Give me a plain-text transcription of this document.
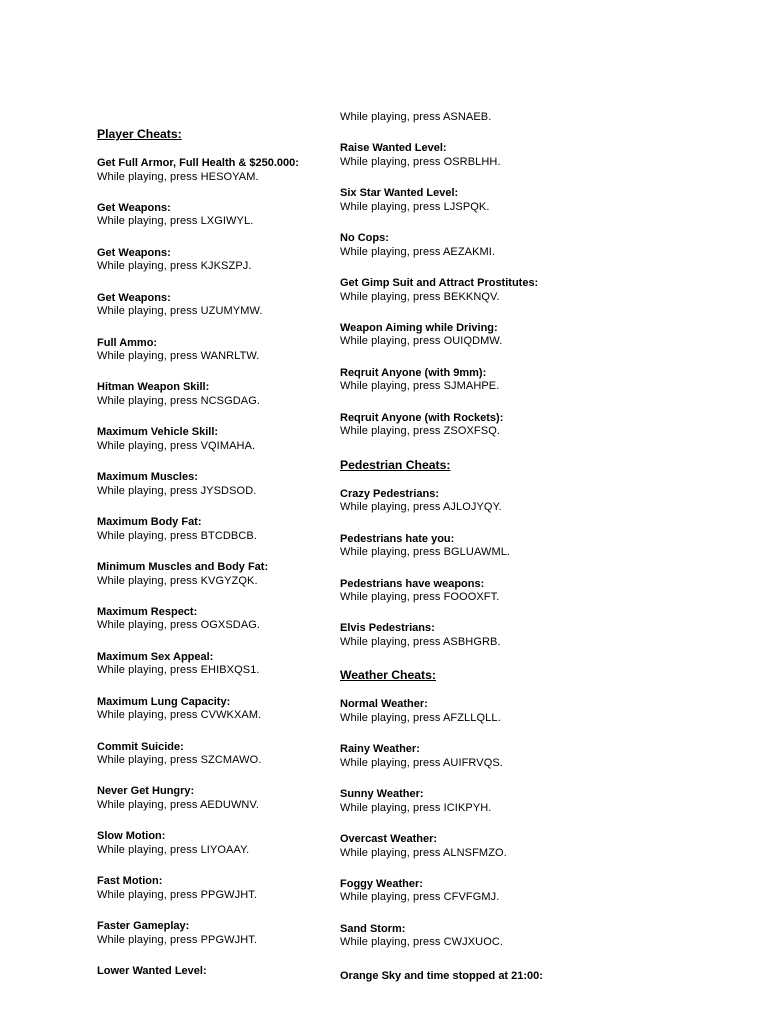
Player Cheats:

Get Full Armor, Full Health & $250.000:
While playing, press HESOYAM.
Get Weapons:
While playing, press LXGIWYL.
Get Weapons:
While playing, press KJKSZPJ.
Get Weapons:
While playing, press UZUMYMW.
Full Ammo:
While playing, press WANRLTW.
Hitman Weapon Skill:
While playing, press NCSGDAG.
Maximum Vehicle Skill:
While playing, press VQIMAHA.
Maximum Muscles:
While playing, press JYSDSOD.
Maximum Body Fat:
While playing, press BTCDBCB.
Minimum Muscles and Body Fat:
While playing, press KVGYZQK.
Maximum Respect:
While playing, press OGXSDAG.
Maximum Sex Appeal:
While playing, press EHIBXQS1.
Maximum Lung Capacity:
While playing, press CVWKXAM.
Commit Suicide:
While playing, press SZCMAWO.
Never Get Hungry:
While playing, press AEDUWNV.
Slow Motion:
While playing, press LIYOAAY.
Fast Motion:
While playing, press PPGWJHT.
Faster Gameplay:
While playing, press PPGWJHT.
Lower Wanted Level:
While playing, press ASNAEB.
Raise Wanted Level:
While playing, press OSRBLHH.
Six Star Wanted Level:
While playing, press LJSPQK.
No Cops:
While playing, press AEZAKMI.
Get Gimp Suit and Attract Prostitutes:
While playing, press BEKKNQV.
Weapon Aiming while Driving:
While playing, press OUIQDMW.
Reqruit Anyone (with 9mm):
While playing, press SJMAHPE.
Reqruit Anyone (with Rockets):
While playing, press ZSOXFSQ.

Pedestrian Cheats:

Crazy Pedestrians:
While playing, press AJLOJYQY.
Pedestrians hate you:
While playing, press BGLUAWML.
Pedestrians have weapons:
While playing, press FOOOXFT.
Elvis Pedestrians:
While playing, press ASBHGRB.

Weather Cheats:

Normal Weather:
While playing, press AFZLLQLL.
Rainy Weather:
While playing, press AUIFRVQS.
Sunny Weather:
While playing, press ICIKPYH.
Overcast Weather:
While playing, press ALNSFMZO.
Foggy Weather:
While playing, press CFVFGMJ.
Sand Storm:
While playing, press CWJXUOC.
Orange Sky and time stopped at 21:00:
